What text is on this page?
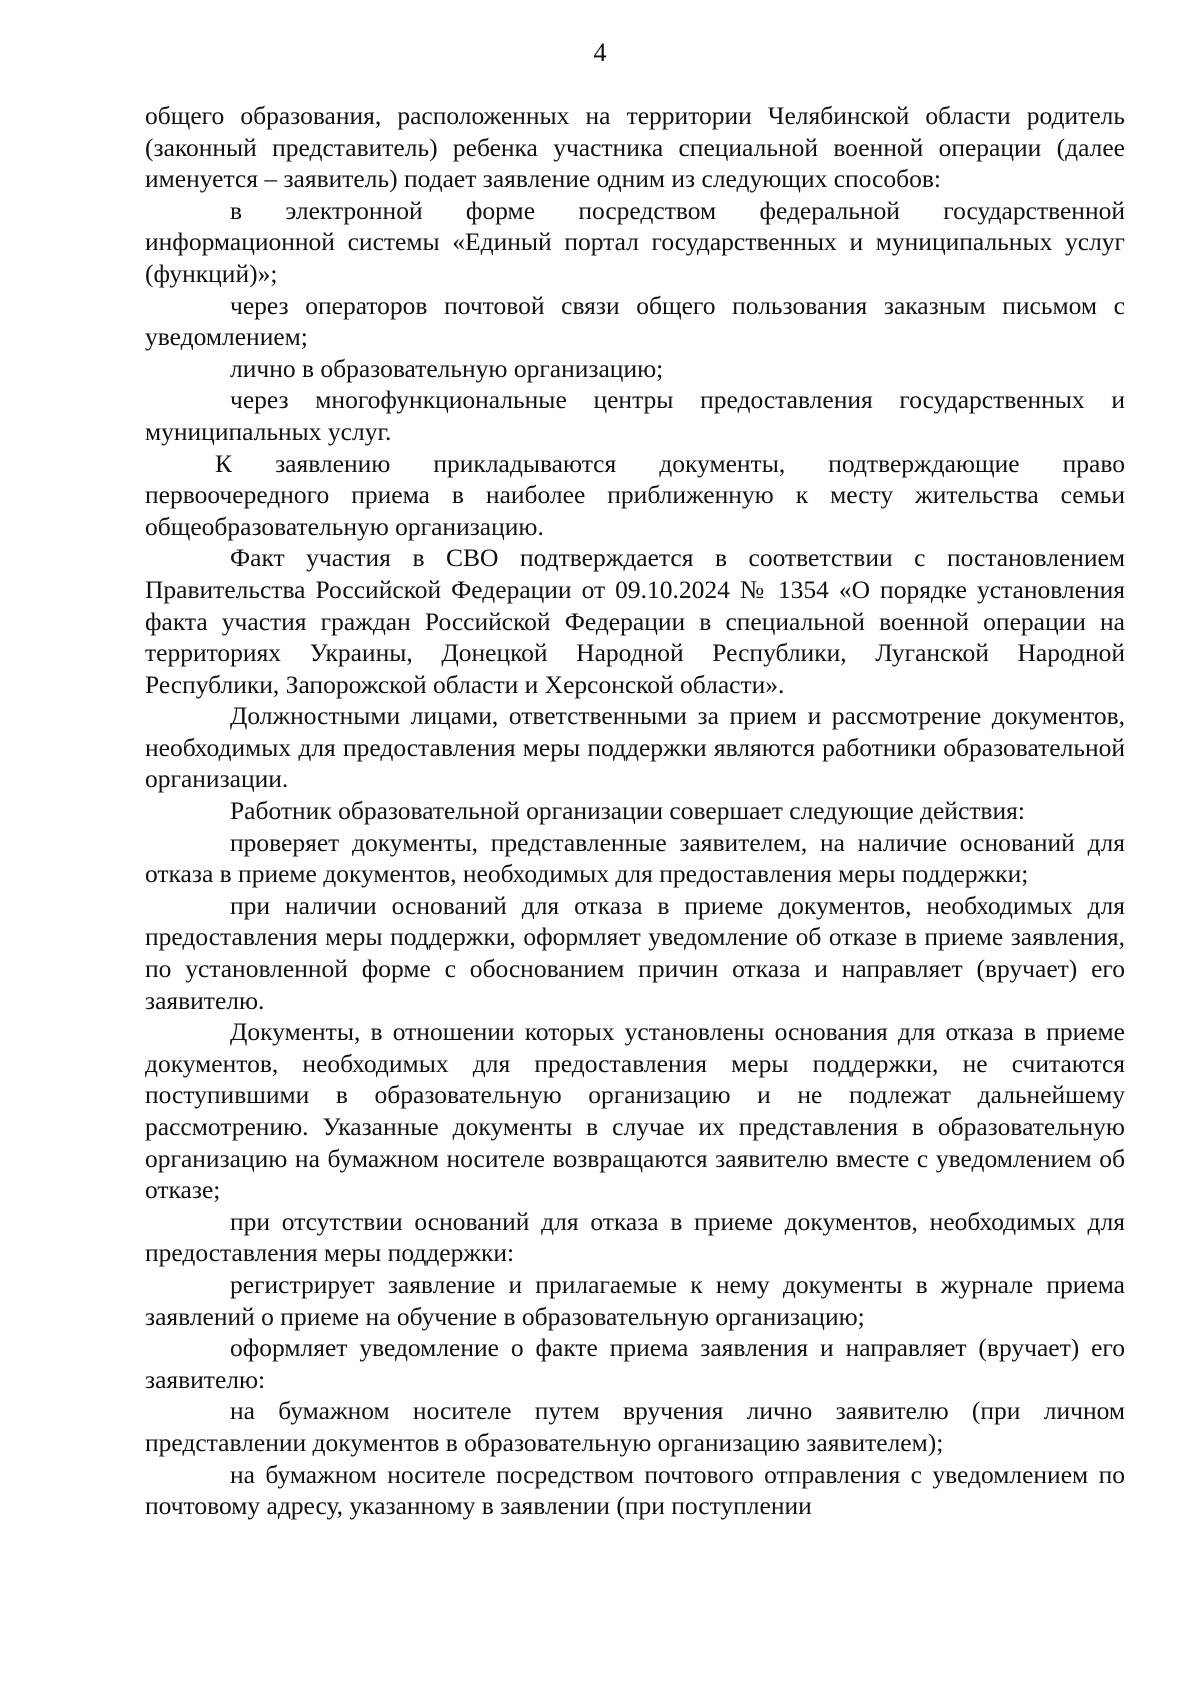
4

общего образования, расположенных на территории Челябинской области родитель (законный представитель) ребенка участника специальной военной операции (далее именуется – заявитель) подает заявление одним из следующих способов:

в электронной форме посредством федеральной государственной информационной системы «Единый портал государственных и муниципальных услуг (функций)»;

через операторов почтовой связи общего пользования заказным письмом с уведомлением;

лично в образовательную организацию;

через многофункциональные центры предоставления государственных и муниципальных услуг.

К заявлению прикладываются документы, подтверждающие право первоочередного приема в наиболее приближенную к месту жительства семьи общеобразовательную организацию.

Факт участия в СВО подтверждается в соответствии с постановлением Правительства Российской Федерации от 09.10.2024 № 1354 «О порядке установления факта участия граждан Российской Федерации в специальной военной операции на территориях Украины, Донецкой Народной Республики, Луганской Народной Республики, Запорожской области и Херсонской области».

Должностными лицами, ответственными за прием и рассмотрение документов, необходимых для предоставления меры поддержки являются работники образовательной организации.

Работник образовательной организации совершает следующие действия:

проверяет документы, представленные заявителем, на наличие оснований для отказа в приеме документов, необходимых для предоставления меры поддержки;

при наличии оснований для отказа в приеме документов, необходимых для предоставления меры поддержки, оформляет уведомление об отказе в приеме заявления, по установленной форме с обоснованием причин отказа и направляет (вручает) его заявителю.

Документы, в отношении которых установлены основания для отказа в приеме документов, необходимых для предоставления меры поддержки, не считаются поступившими в образовательную организацию и не подлежат дальнейшему рассмотрению. Указанные документы в случае их представления в образовательную организацию на бумажном носителе возвращаются заявителю вместе с уведомлением об отказе;

при отсутствии оснований для отказа в приеме документов, необходимых для предоставления меры поддержки:

регистрирует заявление и прилагаемые к нему документы в журнале приема заявлений о приеме на обучение в образовательную организацию;

оформляет уведомление о факте приема заявления и направляет (вручает) его заявителю:

на бумажном носителе путем вручения лично заявителю (при личном представлении документов в образовательную организацию заявителем);

на бумажном носителе посредством почтового отправления с уведомлением по почтовому адресу, указанному в заявлении (при поступлении
